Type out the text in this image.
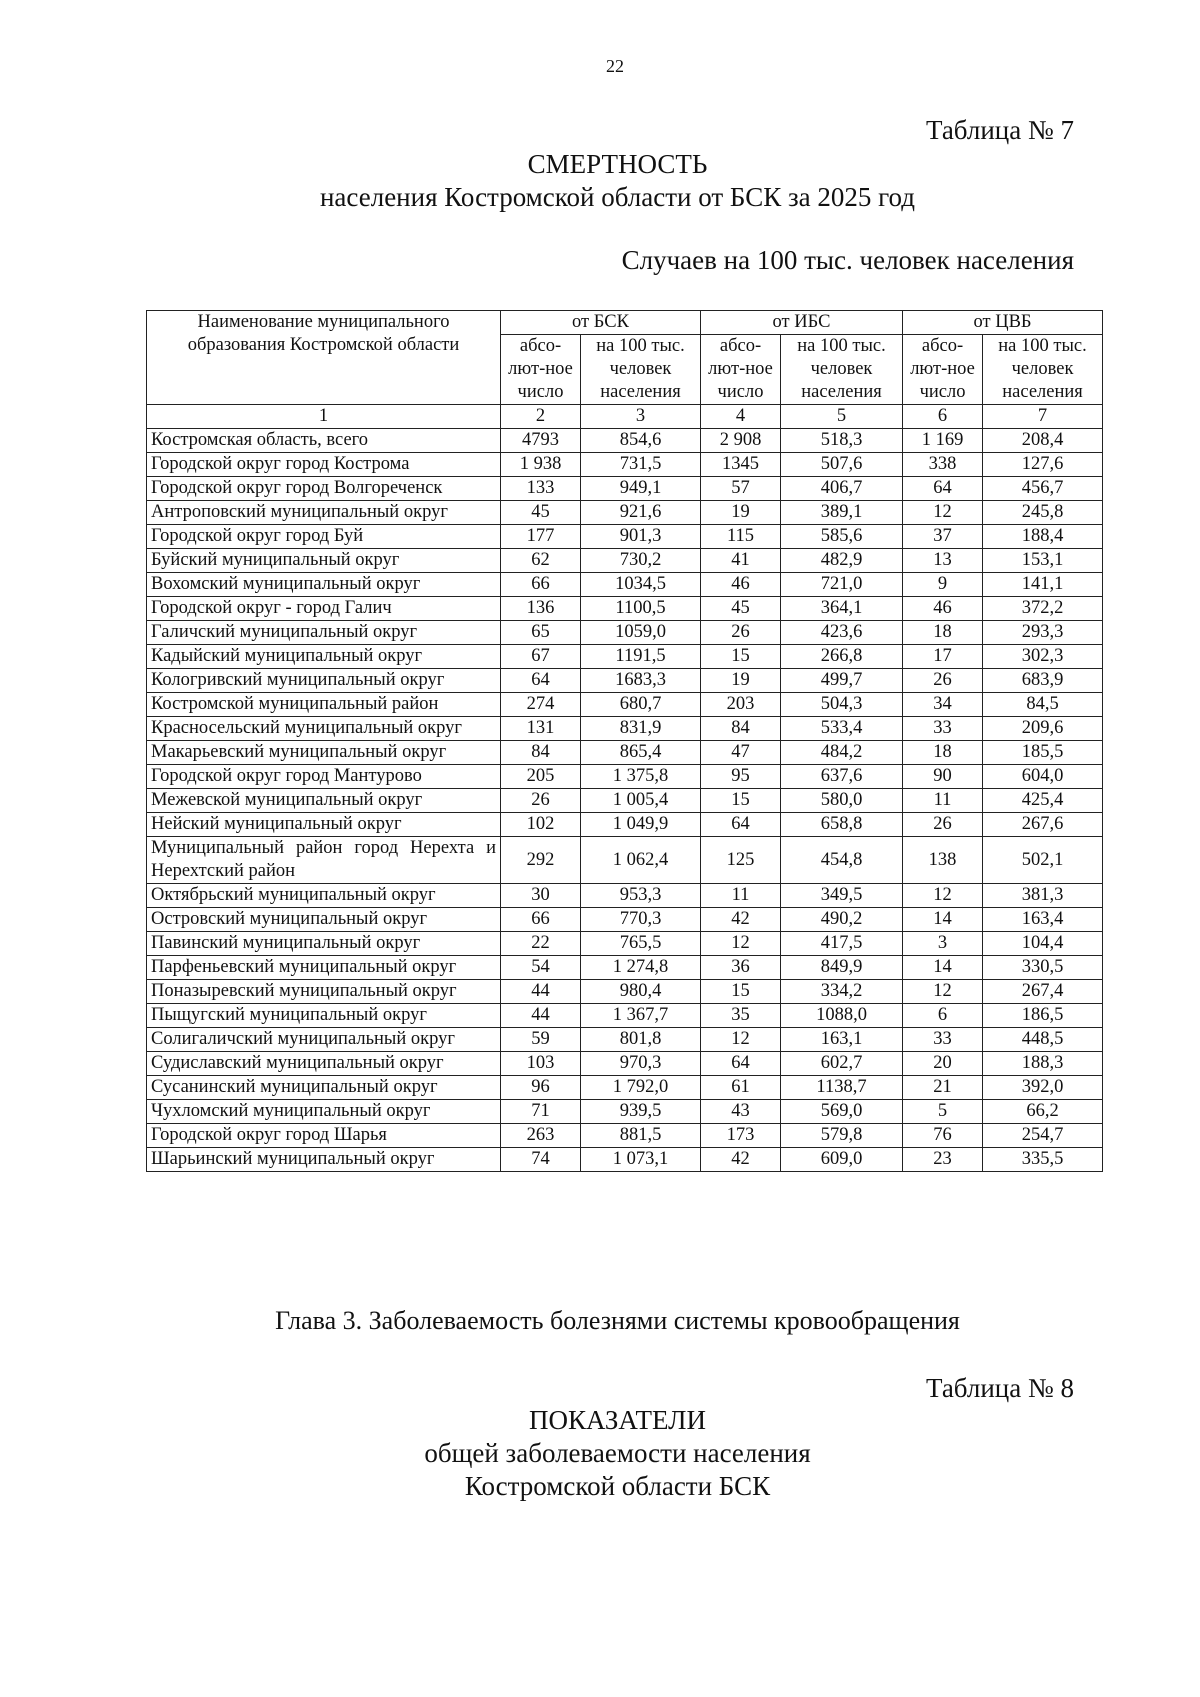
22
Таблица № 7
СМЕРТНОСТЬ
населения Костромской области от БСК за 2025 год
Случаев на 100 тыс. человек населения
Наименование муниципального образования Костромской области	от БСК		от ИБС		от ЦВБ	
	абсо-лют-ное число	на 100 тыс. человек населения	абсо-лют-ное число	на 100 тыс. человек населения	абсо-лют-ное число	на 100 тыс. человек населения
1	2	3	4	5	6	7
Костромская область, всего	4793	854,6	2 908	518,3	1 169	208,4
Городской округ город Кострома	1 938	731,5	1345	507,6	338	127,6
Городской округ город Волгореченск	133	949,1	57	406,7	64	456,7
Антроповский муниципальный округ	45	921,6	19	389,1	12	245,8
Городской округ город Буй	177	901,3	115	585,6	37	188,4
Буйский муниципальный округ	62	730,2	41	482,9	13	153,1
Вохомский муниципальный округ	66	1034,5	46	721,0	9	141,1
Городской округ - город Галич	136	1100,5	45	364,1	46	372,2
Галичский муниципальный округ	65	1059,0	26	423,6	18	293,3
Кадыйский муниципальный округ	67	1191,5	15	266,8	17	302,3
Кологривский муниципальный округ	64	1683,3	19	499,7	26	683,9
Костромской муниципальный район	274	680,7	203	504,3	34	84,5
Красносельский муниципальный округ	131	831,9	84	533,4	33	209,6
Макарьевский муниципальный округ	84	865,4	47	484,2	18	185,5
Городской округ город Мантурово	205	1 375,8	95	637,6	90	604,0
Межевской муниципальный округ	26	1 005,4	15	580,0	11	425,4
Нейский муниципальный округ	102	1 049,9	64	658,8	26	267,6
Муниципальный район город Нерехта и Нерехтский район	292	1 062,4	125	454,8	138	502,1
Октябрьский муниципальный округ	30	953,3	11	349,5	12	381,3
Островский муниципальный округ	66	770,3	42	490,2	14	163,4
Павинский муниципальный округ	22	765,5	12	417,5	3	104,4
Парфеньевский муниципальный округ	54	1 274,8	36	849,9	14	330,5
Поназыревский муниципальный округ	44	980,4	15	334,2	12	267,4
Пыщугский муниципальный округ	44	1 367,7	35	1088,0	6	186,5
Солигаличский муниципальный округ	59	801,8	12	163,1	33	448,5
Судиславский муниципальный округ	103	970,3	64	602,7	20	188,3
Сусанинский муниципальный округ	96	1 792,0	61	1138,7	21	392,0
Чухломский муниципальный округ	71	939,5	43	569,0	5	66,2
Городской округ город Шарья	263	881,5	173	579,8	76	254,7
Шарьинский муниципальный округ	74	1 073,1	42	609,0	23	335,5
Глава 3. Заболеваемость болезнями системы кровообращения
Таблица № 8
ПОКАЗАТЕЛИ
общей заболеваемости населения
Костромской области БСК
